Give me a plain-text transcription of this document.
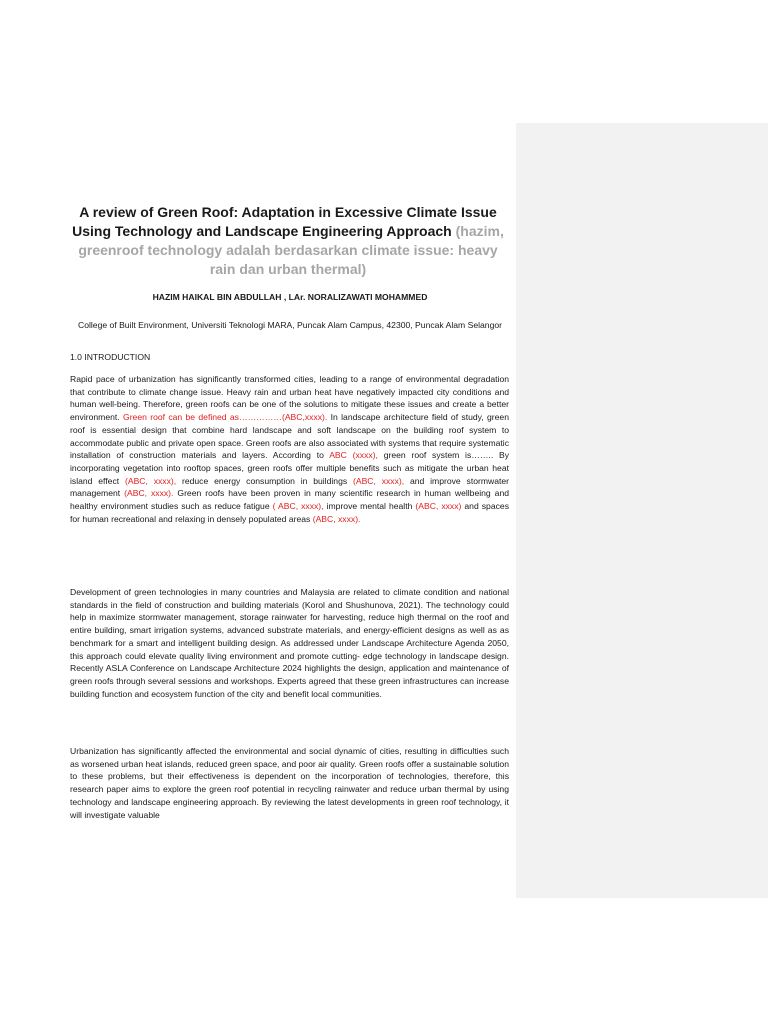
A review of Green Roof: Adaptation in Excessive Climate Issue Using Technology and Landscape Engineering Approach (hazim, greenroof technology adalah berdasarkan climate issue: heavy rain dan urban thermal)
HAZIM HAIKAL BIN ABDULLAH , LAr. NORALIZAWATI MOHAMMED
College of Built Environment, Universiti Teknologi MARA, Puncak Alam Campus, 42300, Puncak Alam Selangor
1.0 INTRODUCTION
Rapid pace of urbanization has significantly transformed cities, leading to a range of environmental degradation that contribute to climate change issue. Heavy rain and urban heat have negatively impacted city conditions and human well-being. Therefore, green roofs can be one of the solutions to mitigate these issues and create a better environment. Green roof can be defined as……………(ABC,xxxx). In landscape architecture field of study, green roof is essential design that combine hard landscape and soft landscape on the building roof system to accommodate public and private open space. Green roofs are also associated with systems that require systematic installation of construction materials and layers. According to ABC (xxxx), green roof system is…….. By incorporating vegetation into rooftop spaces, green roofs offer multiple benefits such as mitigate the urban heat island effect (ABC, xxxx), reduce energy consumption in buildings (ABC, xxxx), and improve stormwater management (ABC, xxxx). Green roofs have been proven in many scientific research in human wellbeing and healthy environment studies such as reduce fatigue ( ABC, xxxx), improve mental health (ABC, xxxx) and spaces for human recreational and relaxing in densely populated areas (ABC, xxxx).
Development of green technologies in many countries and Malaysia are related to climate condition and national standards in the field of construction and building materials (Korol and Shushunova, 2021). The technology could help in maximize stormwater management, storage rainwater for harvesting, reduce high thermal on the roof and entire building, smart irrigation systems, advanced substrate materials, and energy-efficient designs as well as as benchmark for a smart and intelligent building design. As addressed under Landscape Architecture Agenda 2050, this approach could elevate quality living environment and promote cutting- edge technology in landscape design. Recently ASLA Conference on Landscape Architecture 2024 highlights the design, application and maintenance of green roofs through several sessions and workshops. Experts agreed that these green infrastructures can increase building function and ecosystem function of the city and benefit local communities.
Urbanization has significantly affected the environmental and social dynamic of cities, resulting in difficulties such as worsened urban heat islands, reduced green space, and poor air quality. Green roofs offer a sustainable solution to these problems, but their effectiveness is dependent on the incorporation of technologies, therefore, this research paper aims to explore the green roof potential in recycling rainwater and reduce urban thermal by using technology and landscape engineering approach. By reviewing the latest developments in green roof technology, it will investigate valuable
